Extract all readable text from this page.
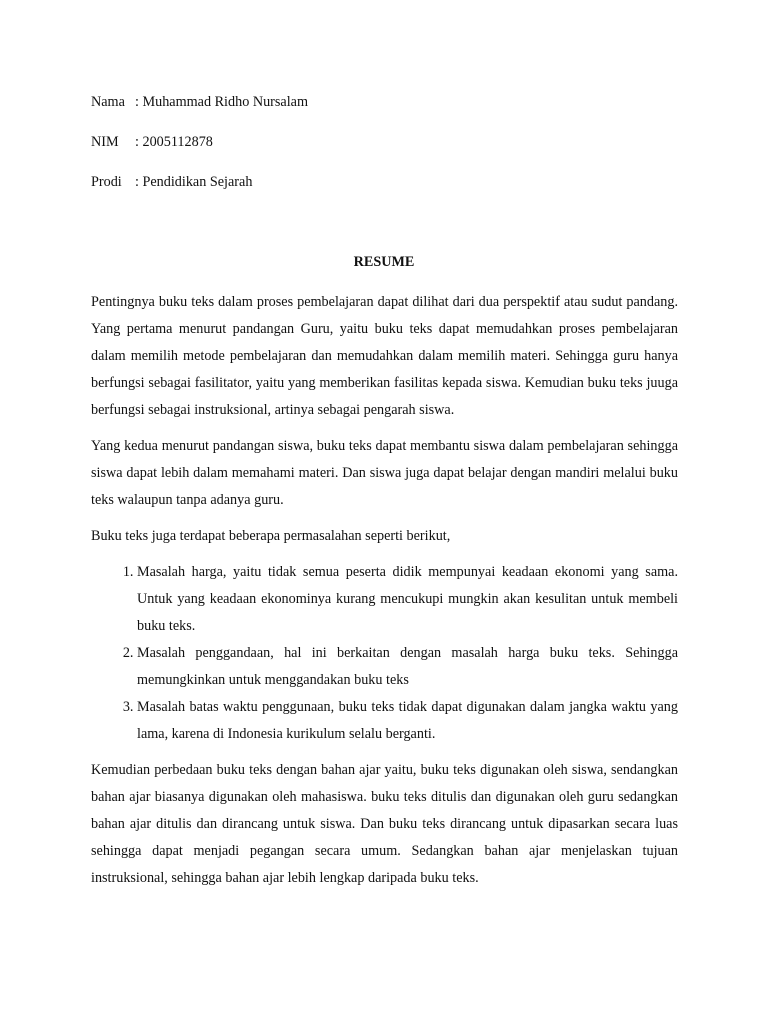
Nama : Muhammad Ridho Nursalam
NIM	: 2005112878
Prodi : Pendidikan Sejarah
RESUME

Pentingnya buku teks dalam proses pembelajaran dapat dilihat dari dua perspektif atau sudut pandang. Yang pertama menurut pandangan Guru, yaitu buku teks dapat memudahkan proses pembelajaran dalam memilih metode pembelajaran dan memudahkan dalam memilih materi. Sehingga guru hanya berfungsi sebagai fasilitator, yaitu yang memberikan fasilitas kepada siswa. Kemudian buku teks juuga berfungsi sebagai instruksional, artinya sebagai pengarah siswa.

Yang kedua menurut pandangan siswa, buku teks dapat membantu siswa dalam pembelajaran sehingga siswa dapat lebih dalam memahami materi. Dan siswa juga dapat belajar dengan mandiri melalui buku teks walaupun tanpa adanya guru.

Buku teks juga terdapat beberapa permasalahan seperti berikut,

1. Masalah harga, yaitu tidak semua peserta didik mempunyai keadaan ekonomi yang sama. Untuk yang keadaan ekonominya kurang mencukupi mungkin akan kesulitan untuk membeli buku teks.
2. Masalah penggandaan, hal ini berkaitan dengan masalah harga buku teks. Sehingga memungkinkan untuk menggandakan buku teks
3. Masalah batas waktu penggunaan, buku teks tidak dapat digunakan dalam jangka waktu yang lama, karena di Indonesia kurikulum selalu berganti.

Kemudian perbedaan buku teks dengan bahan ajar yaitu, buku teks digunakan oleh siswa, sendangkan bahan ajar biasanya digunakan oleh mahasiswa. buku teks ditulis dan digunakan oleh guru sedangkan bahan ajar ditulis dan dirancang untuk siswa. Dan buku teks dirancang untuk dipasarkan secara luas sehingga dapat menjadi pegangan secara umum. Sedangkan bahan ajar menjelaskan tujuan instruksional, sehingga bahan ajar lebih lengkap daripada buku teks.
